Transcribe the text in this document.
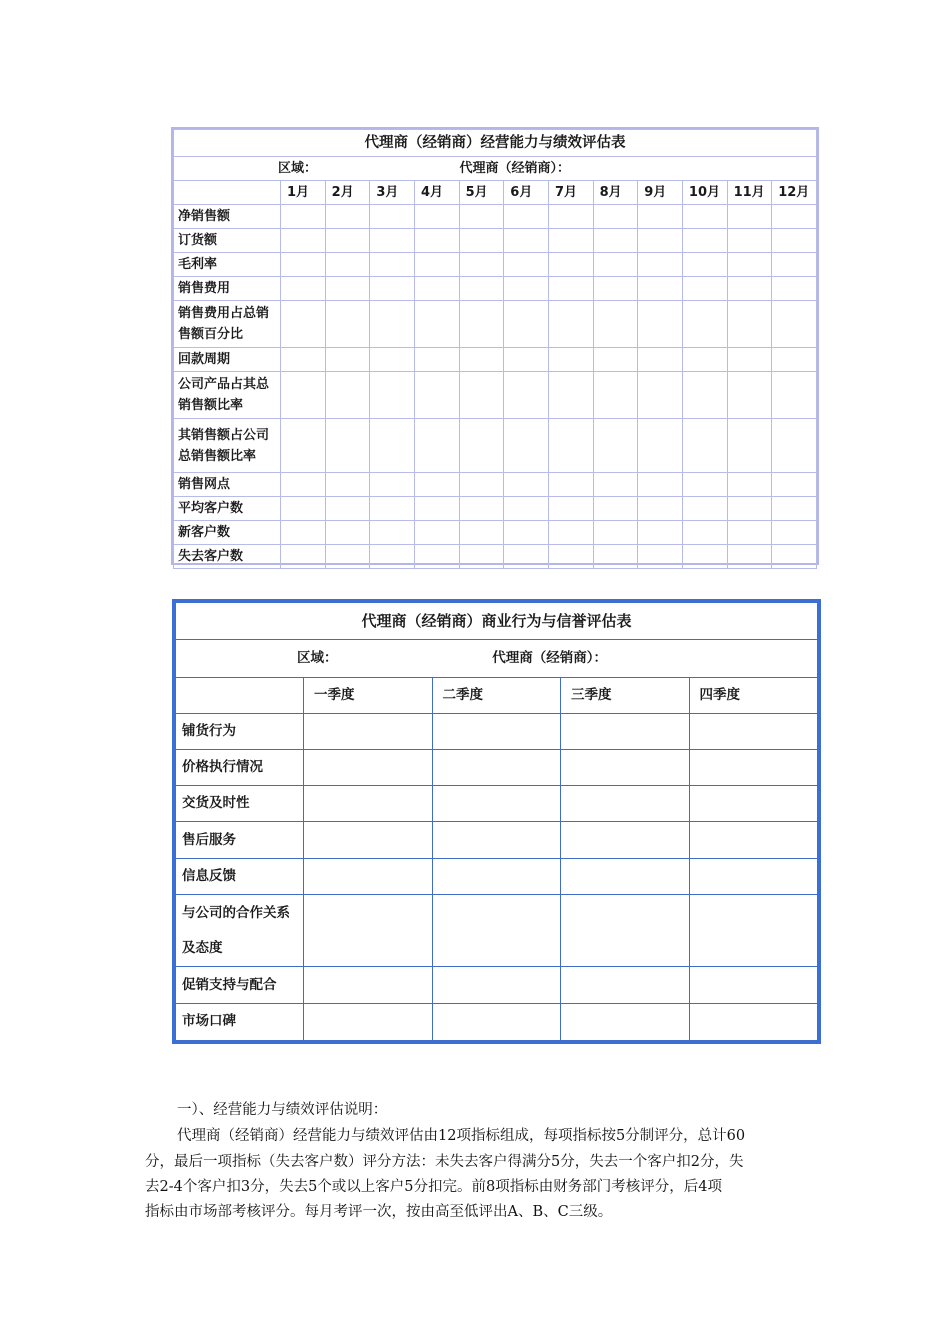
代理商（经销商）经营能力与绩效评估表												
区域： 代理商（经销商）：												
	1月	2月	3月	4月	5月	6月	7月	8月	9月	10月	11月	12月

净销售额												

订货额												

毛利率												

销售费用												

销售费用占总销
售额百分比												

回款周期												

公司产品占其总
销售额比率												

其销售额占公司
总销售额比率												

销售网点												

平均客户数												

新客户数												

失去客户数												

代理商（经销商）商业行为与信誉评估表				
区域： 代理商（经销商）：				
	一季度	二季度	三季度	四季度

铺货行为				

价格执行情况				

交货及时性				

售后服务				

信息反馈				

与公司的合作关系
及态度				

促销支持与配合				

市场口碑				

一）、经营能力与绩效评估说明：
代理商（经销商）经营能力与绩效评估由12项指标组成，每项指标按5分制评分，总计60
分，最后一项指标（失去客户数）评分方法：未失去客户得满分5分，失去一个客户扣2分，失
去2-4个客户扣3分，失去5个或以上客户5分扣完。前8项指标由财务部门考核评分，后4项
指标由市场部考核评分。每月考评一次，按由高至低评出A、B、C三级。
